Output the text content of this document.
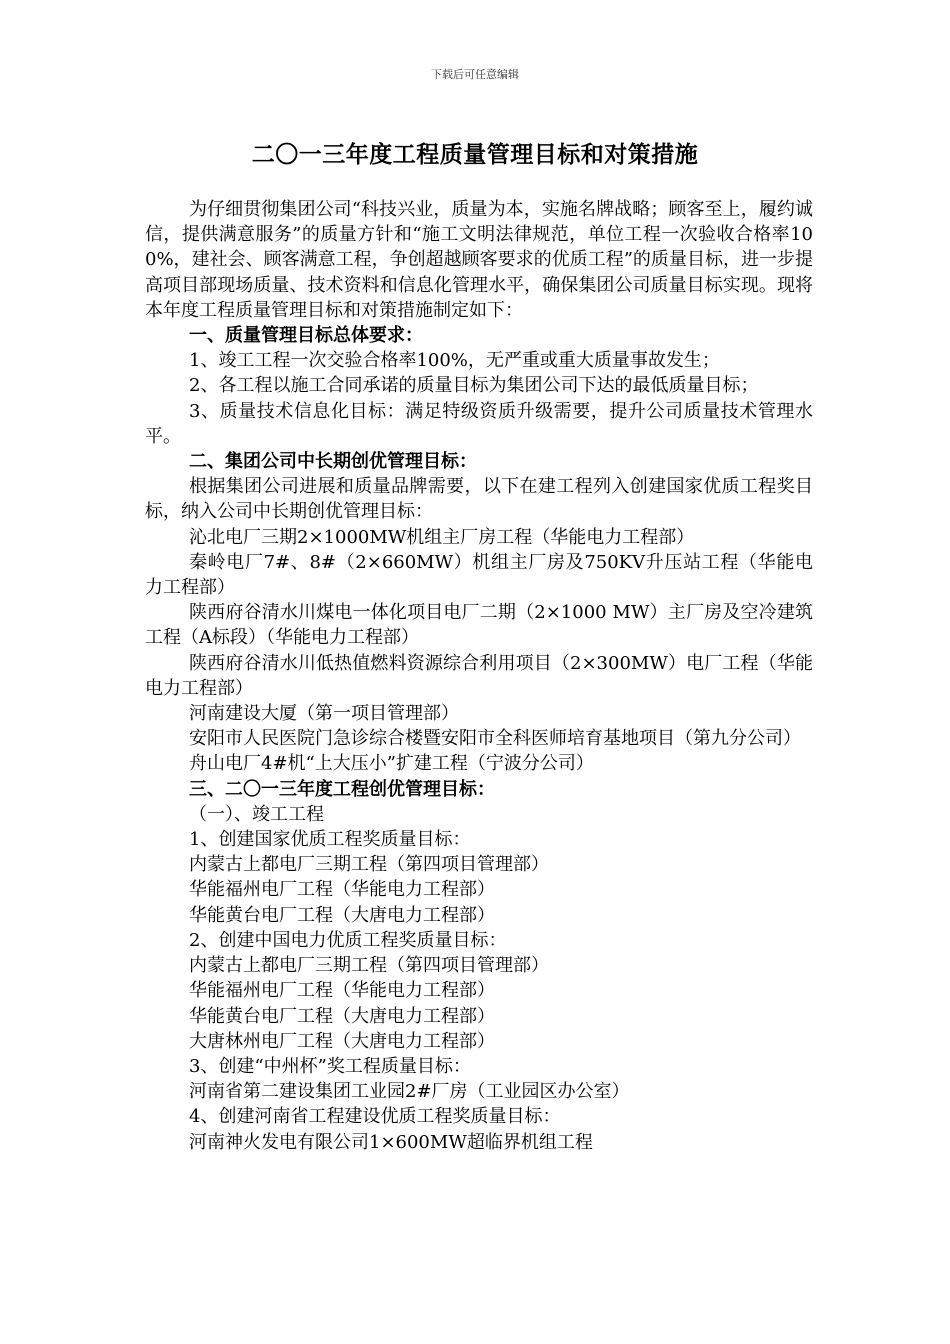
下载后可任意编辑
二〇一三年度工程质量管理目标和对策措施

为仔细贯彻集团公司“科技兴业，质量为本，实施名牌战略；顾客至上，履约诚信，提供满意服务”的质量方针和“施工文明法律规范，单位工程一次验收合格率100%，建社会、顾客满意工程，争创超越顾客要求的优质工程”的质量目标，进一步提高项目部现场质量、技术资料和信息化管理水平，确保集团公司质量目标实现。现将本年度工程质量管理目标和对策措施制定如下：

一、质量管理目标总体要求：

1、竣工工程一次交验合格率100%，无严重或重大质量事故发生；

2、各工程以施工合同承诺的质量目标为集团公司下达的最低质量目标；

3、质量技术信息化目标：满足特级资质升级需要，提升公司质量技术管理水平。

二、集团公司中长期创优管理目标：

根据集团公司进展和质量品牌需要，以下在建工程列入创建国家优质工程奖目标，纳入公司中长期创优管理目标：

沁北电厂三期2×1000MW机组主厂房工程（华能电力工程部）

秦岭电厂7#、8#（2×660MW）机组主厂房及750KV升压站工程（华能电力工程部）

陕西府谷清水川煤电一体化项目电厂二期（2×1000 MW）主厂房及空冷建筑工程（A标段）（华能电力工程部）

陕西府谷清水川低热值燃料资源综合利用项目（2×300MW）电厂工程（华能电力工程部）

河南建设大厦（第一项目管理部）

安阳市人民医院门急诊综合楼暨安阳市全科医师培育基地项目（第九分公司）

舟山电厂4#机“上大压小”扩建工程（宁波分公司）

三、二〇一三年度工程创优管理目标：

（一）、竣工工程

1、创建国家优质工程奖质量目标：

内蒙古上都电厂三期工程（第四项目管理部）

华能福州电厂工程（华能电力工程部）

华能黄台电厂工程（大唐电力工程部）

2、创建中国电力优质工程奖质量目标：

内蒙古上都电厂三期工程（第四项目管理部）

华能福州电厂工程（华能电力工程部）

华能黄台电厂工程（大唐电力工程部）

大唐林州电厂工程（大唐电力工程部）

3、创建“中州杯”奖工程质量目标：

河南省第二建设集团工业园2#厂房（工业园区办公室）

4、创建河南省工程建设优质工程奖质量目标：

河南神火发电有限公司1×600MW超临界机组工程
